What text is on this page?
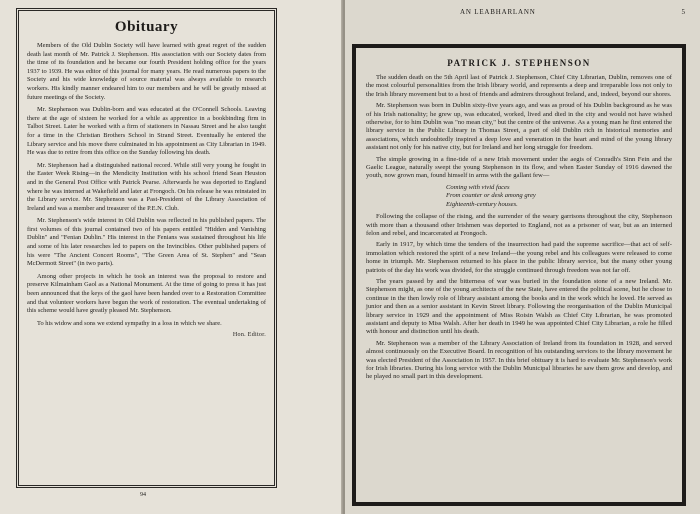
Obituary

Members of the Old Dublin Society will have learned with great regret of the sudden death last month of Mr. Patrick J. Stephenson. His association with our Society dates from the time of its foundation and he became our fourth President holding office for the years 1937 to 1939. He was editor of this journal for many years. He read numerous papers to the Society and his wide knowledge of source material was always available to research workers. His kindly manner endeared him to our members and he will be greatly missed at future meetings of the Society.

Mr. Stephenson was Dublin-born and was educated at the O'Connell Schools. Leaving there at the age of sixteen he worked for a while as apprentice in a bookbinding firm in Talbot Street. Later he worked with a firm of stationers in Nassau Street and he also taught for a time in the Christian Brothers School in Strand Street. Eventually he entered the Library service and his move there culminated in his appointment as City Librarian in 1949. He was due to retire from this office on the Sunday following his death.

Mr. Stephenson had a distinguished national record. While still very young he fought in the Easter Week Rising—in the Mendicity Institution with his school friend Sean Heuston and in the General Post Office with Patrick Pearse. Afterwards he was deported to England where he was interned at Wakefield and later at Frongoch. On his release he was reinstated in the Library service. Mr. Stephenson was a Past-President of the Library Association of Ireland and was a member and treasurer of the P.E.N. Club.

Mr. Stephenson's wide interest in Old Dublin was reflected in his published papers. The first volumes of this journal contained two of his papers entitled "Hidden and Vanishing Dublin" and "Fenian Dublin." His interest in the Fenians was sustained throughout his life and some of his later researches led to papers on the Invincibles. Other published papers of his were "The Ancient Concert Rooms", "The Green Area of St. Stephen" and "Sean McDermott Street" (in two parts).

Among other projects in which he took an interest was the proposal to restore and preserve Kilmainham Gaol as a National Monument. At the time of going to press it has just been announced that the keys of the gaol have been handed over to a Restoration Committee and that volunteer workers have begun the work of restoration. The eventual undertaking of this scheme would have greatly pleased Mr. Stephenson.

To his widow and sons we extend sympathy in a loss in which we share.

Hon. Editor.
94
AN LEABHARLANN	5
PATRICK J. STEPHENSON

The sudden death on the 5th April last of Patrick J. Stephenson, Chief City Librarian, Dublin, removes one of the most colourful personalities from the Irish library world, and represents a deep and irreparable loss not only to the Irish library movement but to a host of friends and admirers throughout Ireland, and, indeed, beyond our shores.

Mr. Stephenson was born in Dublin sixty-five years ago, and was as proud of his Dublin background as he was of his Irish nationality; he grew up, was educated, worked, lived and died in the city and would not have wished otherwise, for to him Dublin was "no mean city," but the centre of the universe. As a young man he first entered the library service in the Public Library in Thomas Street, a part of old Dublin rich in historical memories and associations, which undoubtedly inspired a deep love and veneration in the heart and mind of the young library assistant not only for his native city, but for Ireland and her long struggle for freedom.

The simple growing in a fine-tide of a new Irish movement under the aegis of Conradh's Sinn Fein and the Gaelic League, naturally swept the young Stephenson in its flow, and when Easter Sunday of 1916 dawned the youth, now grown man, found himself in arms with the gallant few—

Coming with vivid faces
From counter or desk among grey
Eighteenth-century houses.

Following the collapse of the rising, and the surrender of the weary garrisons throughout the city, Stephenson with more than a thousand other Irishmen was deported to England, not as a prisoner of war, but as an interned felon and rebel, and incarcerated at Frongoch.

Early in 1917, by which time the tenders of the insurrection had paid the supreme sacrifice—that act of self-immolation which restored the spirit of a new Ireland—the young rebel and his colleagues were released to come home in triumph. Mr. Stephenson returned to his place in the public library service, but the many other young patriots of the day his work was divided, for the struggle continued through freedom was not far off.

The years passed by and the bitterness of war was buried in the foundation stone of a new Ireland. Mr. Stephenson might, as one of the young architects of the new State, have entered the political scene, but he chose to continue in the then lowly role of library assistant among the books and in the work which he loved. He served as junior and then as a senior assistant in Kevin Street library. Following the reorganisation of the Dublin Municipal library service in 1929 and the appointment of Miss Roisin Walsh as Chief City Librarian, he was promoted assistant and deputy to Miss Walsh. After her death in 1949 he was appointed Chief City Librarian, a role he filled with honour and distinction until his death.

Mr. Stephenson was a member of the Library Association of Ireland from its foundation in 1928, and served almost continuously on the Executive Board. In recognition of his outstanding services to the library movement he was elected President of the Association in 1957. In this brief obituary it is hard to evaluate Mr. Stephenson's work for Irish libraries. During his long service with the Dublin Municipal libraries he saw them grow and develop, and he played no small part in this development.
